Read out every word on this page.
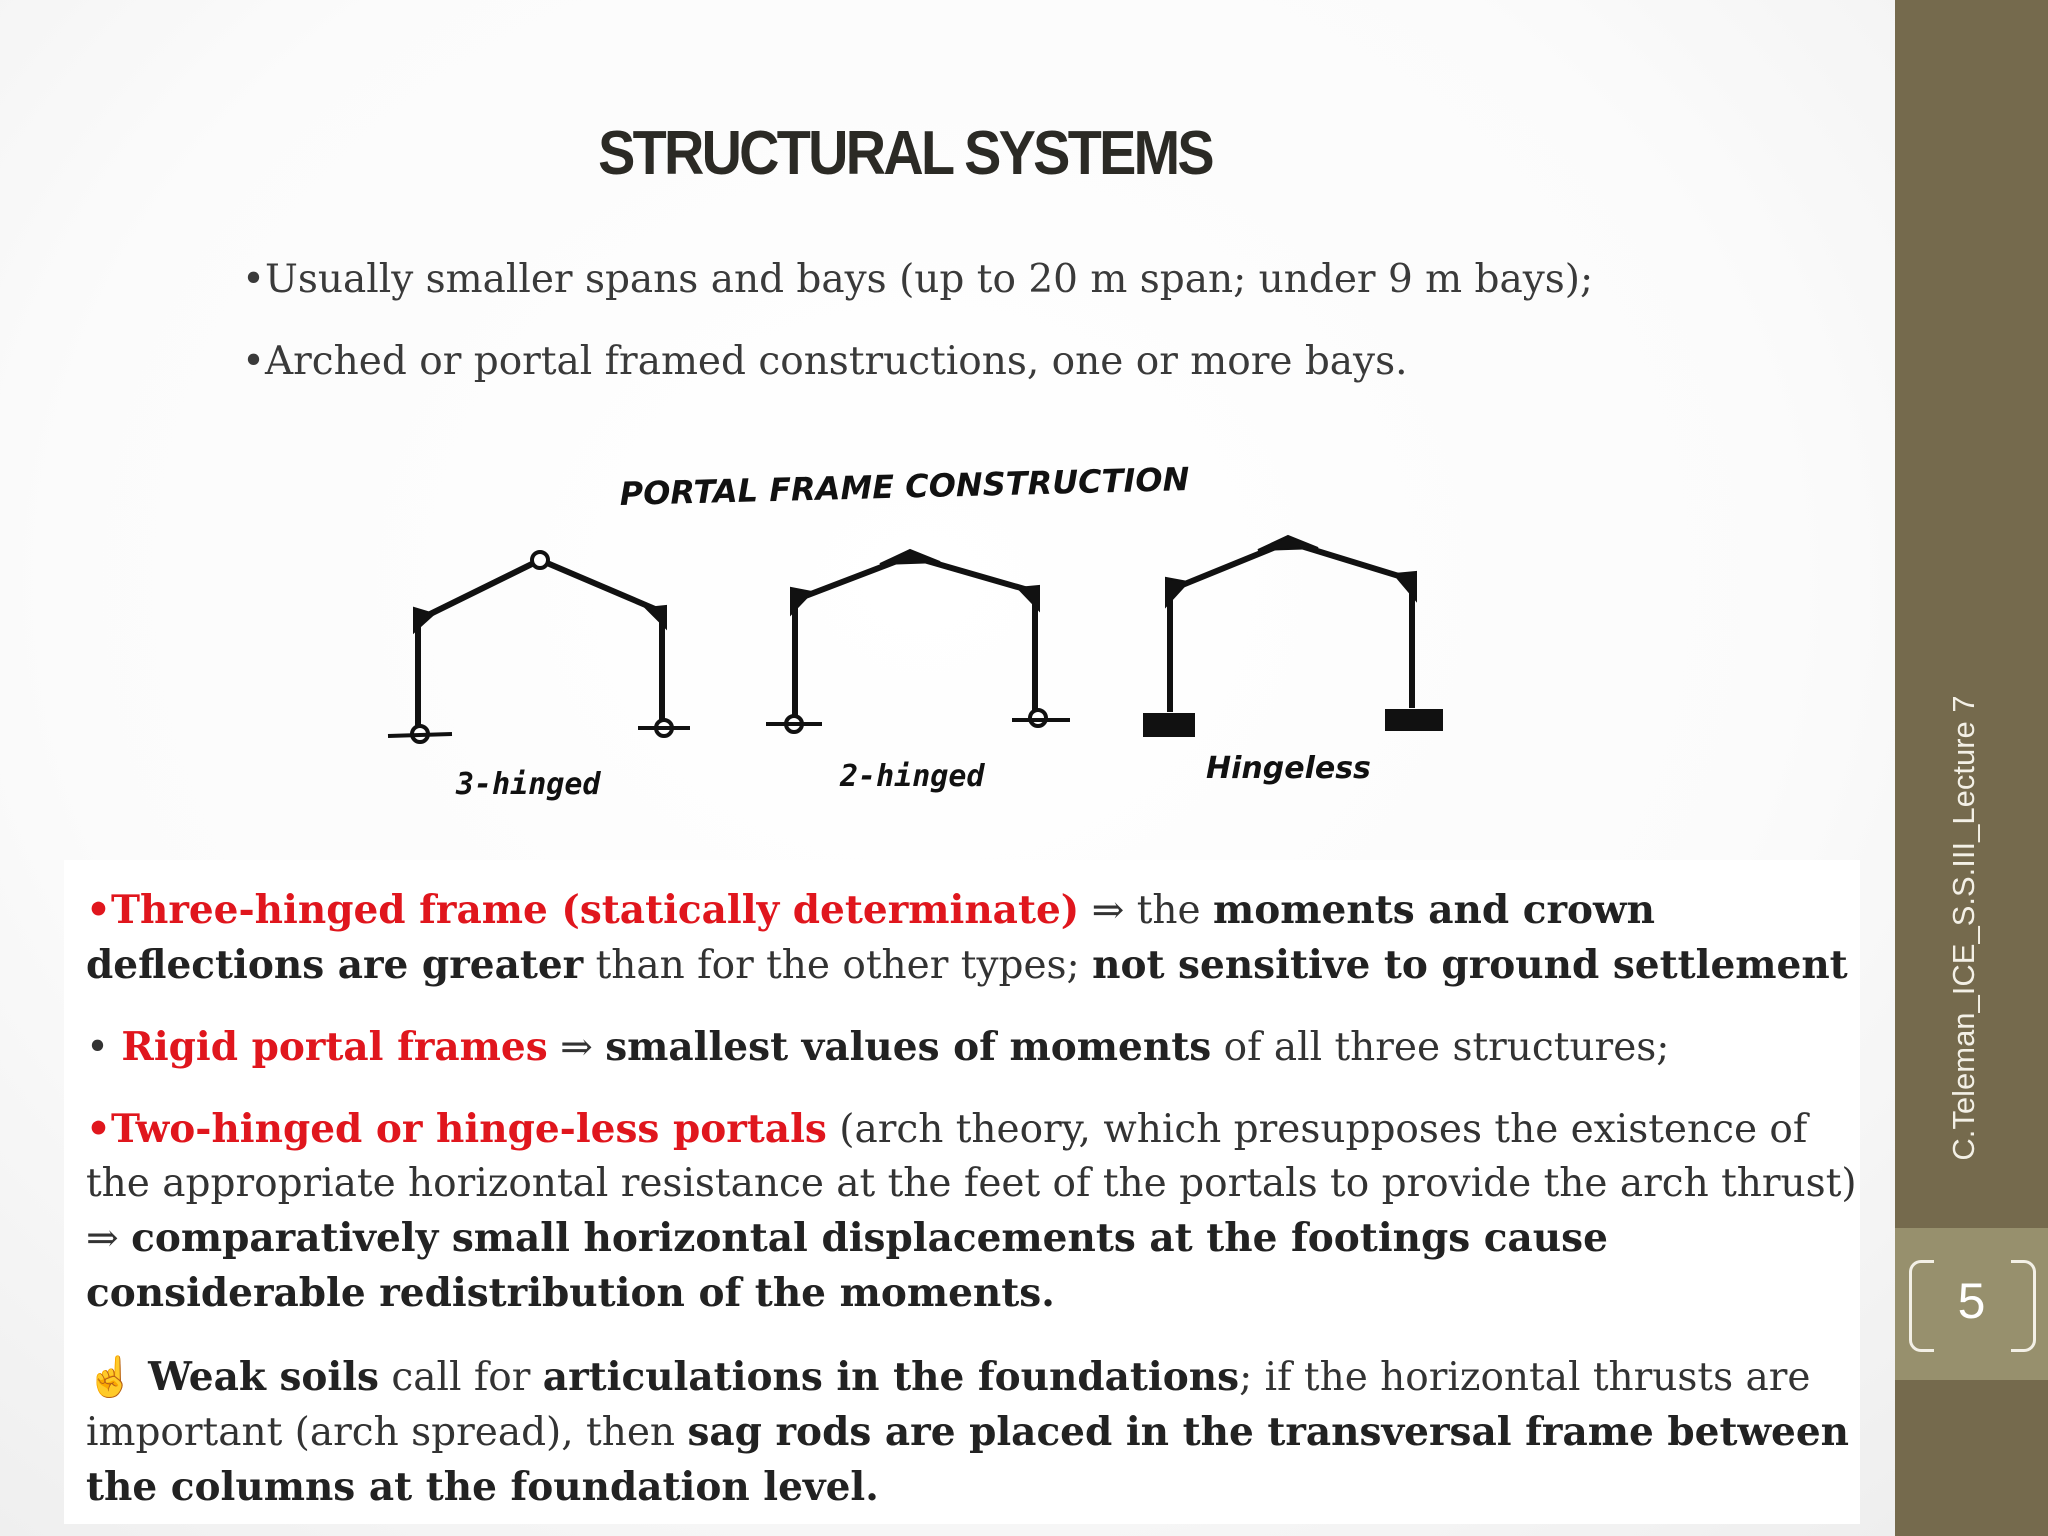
STRUCTURAL SYSTEMS
•Usually smaller spans and bays (up to 20 m span; under 9 m bays);
•Arched or portal framed constructions, one or more bays.
PORTAL FRAME CONSTRUCTION
3-hinged	2-hinged	Hingeless
•Three-hinged frame (statically determinate) ⇒ the moments and crown deflections are greater than for the other types; not sensitive to ground settlement
• Rigid portal frames ⇒ smallest values of moments of all three structures;
•Two-hinged or hinge-less portals (arch theory, which presupposes the existence of the appropriate horizontal resistance at the feet of the portals to provide the arch thrust) ⇒ comparatively small horizontal displacements at the footings cause considerable redistribution of the moments.
☝ Weak soils call for articulations in the foundations; if the horizontal thrusts are important (arch spread), then sag rods are placed in the transversal frame between the columns at the foundation level.
C.Teleman_ICE_S.S.III_Lecture 7
5
